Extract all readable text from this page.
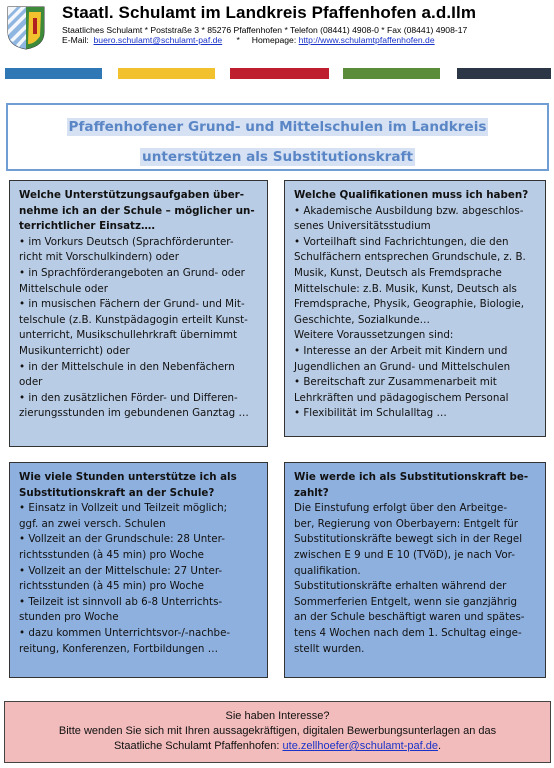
Staatl. Schulamt im Landkreis Pfaffenhofen a.d.Ilm
Staatliches Schulamt * Poststraße 3 * 85276 Pfaffenhofen * Telefon (08441) 4908-0 * Fax (08441) 4908-17
E-Mail: buero.schulamt@schulamt-paf.de * Homepage: http://www.schulamtpfaffenhofen.de
Pfaffenhofener Grund- und Mittelschulen im Landkreis
unterstützen als Substitutionskraft
Welche Unterstützungsaufgaben über-
nehme ich an der Schule – möglicher un-
terrichtlicher Einsatz….
• im Vorkurs Deutsch (Sprachförderunter-
richt mit Vorschulkindern) oder
• in Sprachförderangeboten an Grund- oder
Mittelschule oder
• in musischen Fächern der Grund- und Mit-
telschule (z.B. Kunstpädagogin erteilt Kunst-
unterricht, Musikschullehrkraft übernimmt
Musikunterricht) oder
• in der Mittelschule in den Nebenfächern
oder
• in den zusätzlichen Förder- und Differen-
zierungsstunden im gebundenen Ganztag …
Welche Qualifikationen muss ich haben?
• Akademische Ausbildung bzw. abgeschlos-
senes Universitätsstudium
• Vorteilhaft sind Fachrichtungen, die den
Schulfächern entsprechen Grundschule, z. B.
Musik, Kunst, Deutsch als Fremdsprache
Mittelschule: z.B. Musik, Kunst, Deutsch als
Fremdsprache, Physik, Geographie, Biologie,
Geschichte, Sozialkunde…
Weitere Voraussetzungen sind:
• Interesse an der Arbeit mit Kindern und
Jugendlichen an Grund- und Mittelschulen
• Bereitschaft zur Zusammenarbeit mit
Lehrkräften und pädagogischem Personal
• Flexibilität im Schulalltag …
Wie viele Stunden unterstütze ich als
Substitutionskraft an der Schule?
• Einsatz in Vollzeit und Teilzeit möglich;
ggf. an zwei versch. Schulen
• Vollzeit an der Grundschule: 28 Unter-
richtsstunden (à 45 min) pro Woche
• Vollzeit an der Mittelschule: 27 Unter-
richtsstunden (à 45 min) pro Woche
• Teilzeit ist sinnvoll ab 6-8 Unterrichts-
stunden pro Woche
• dazu kommen Unterrichtsvor-/-nachbe-
reitung, Konferenzen, Fortbildungen …
Wie werde ich als Substitutionskraft be-
zahlt?

Die Einstufung erfolgt über den Arbeitge-

ber, Regierung von Oberbayern: Entgelt für

Substitutionskräfte bewegt sich in der Regel

zwischen E 9 und E 10 (TVöD), je nach Vor-

qualifikation.

Substitutionskräfte erhalten während der

Sommerferien Entgelt, wenn sie ganzjährig

an der Schule beschäftigt waren und spätes-

tens 4 Wochen nach dem 1. Schultag einge-

stellt wurden.

Sie haben Interesse?
Bitte wenden Sie sich mit Ihren aussagekräftigen, digitalen Bewerbungsunterlagen an das
Staatliche Schulamt Pfaffenhofen: ute.zellhoefer@schulamt-paf.de.
